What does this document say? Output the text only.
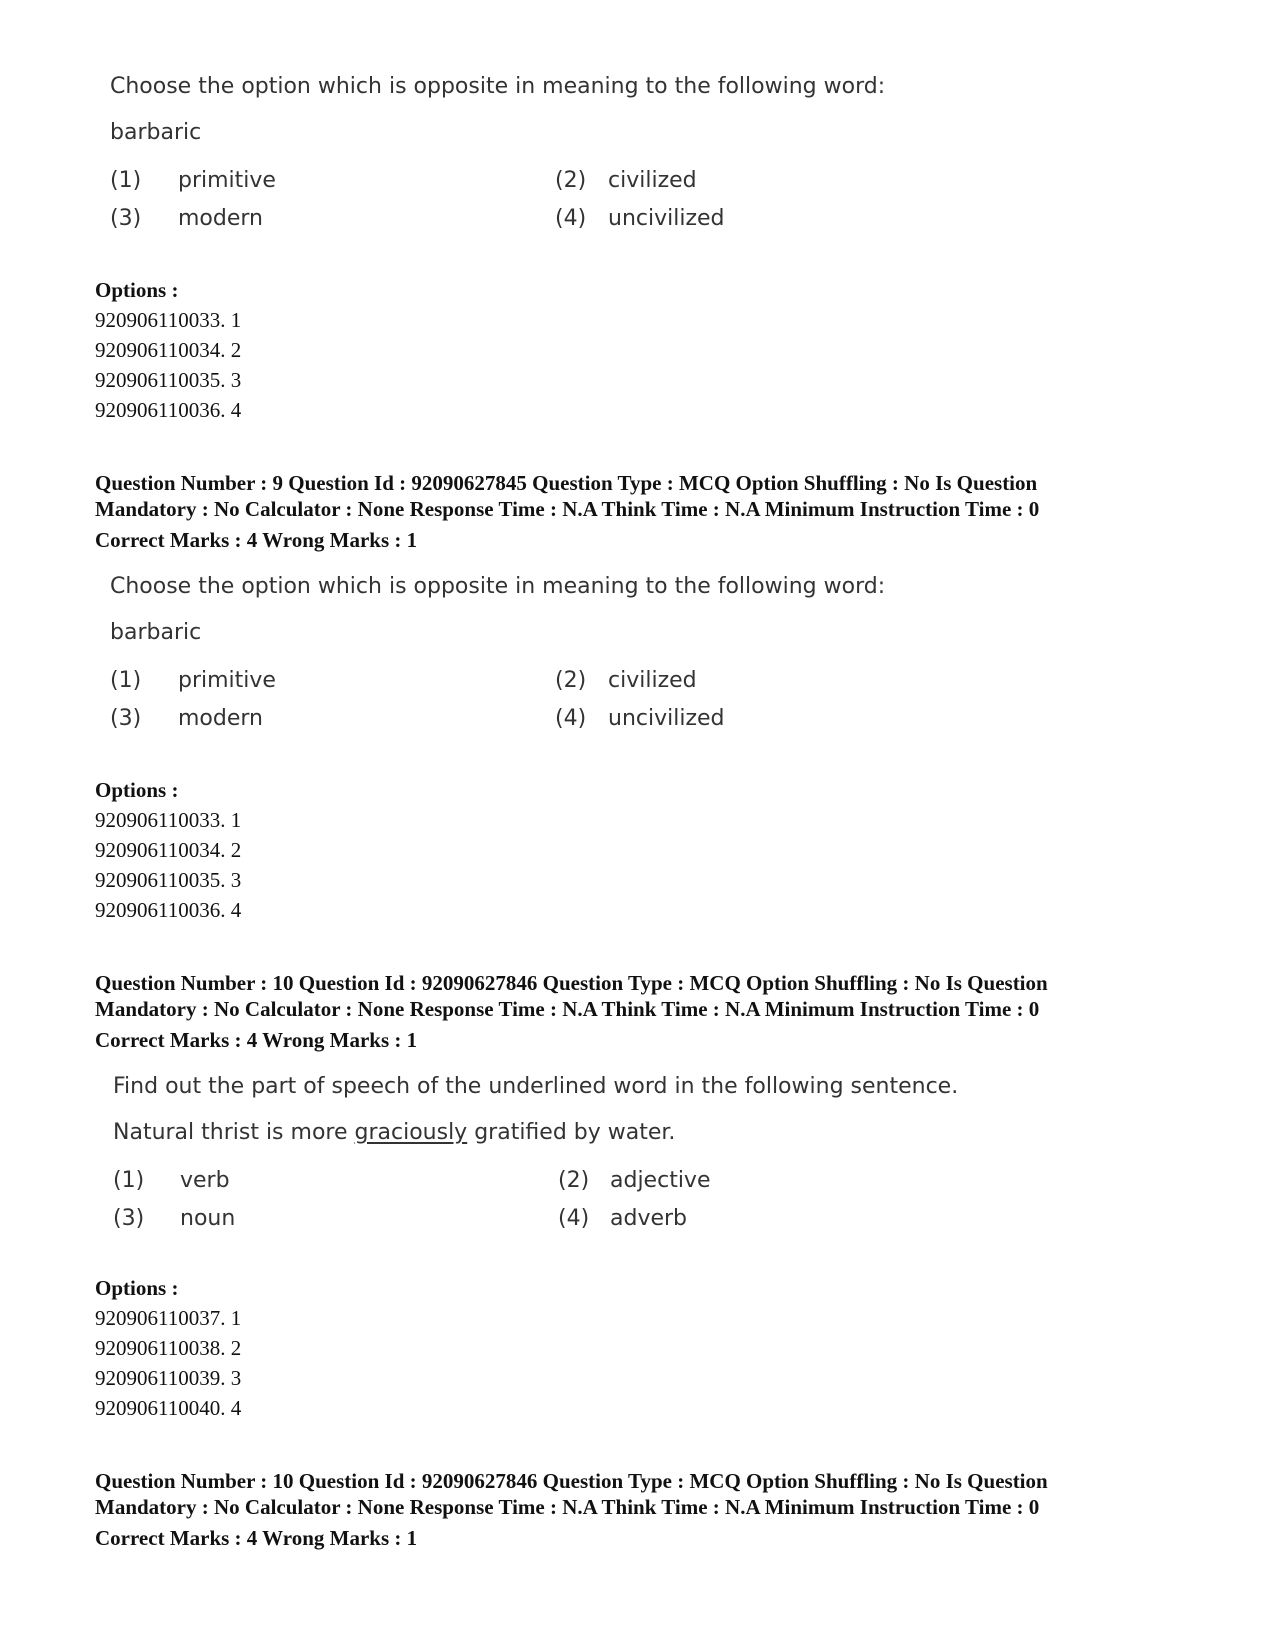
Choose the option which is opposite in meaning to the following word:
barbaric
(1) primitive	(2) civilized
(3) modern	(4) uncivilized
Options :
920906110033. 1
920906110034. 2
920906110035. 3
920906110036. 4
Question Number : 9 Question Id : 92090627845 Question Type : MCQ Option Shuffling : No Is Question
Mandatory : No Calculator : None Response Time : N.A Think Time : N.A Minimum Instruction Time : 0
Correct Marks : 4 Wrong Marks : 1
Choose the option which is opposite in meaning to the following word:
barbaric
(1) primitive	(2) civilized
(3) modern	(4) uncivilized
Options :
920906110033. 1
920906110034. 2
920906110035. 3
920906110036. 4
Question Number : 10 Question Id : 92090627846 Question Type : MCQ Option Shuffling : No Is Question
Mandatory : No Calculator : None Response Time : N.A Think Time : N.A Minimum Instruction Time : 0
Correct Marks : 4 Wrong Marks : 1
Find out the part of speech of the underlined word in the following sentence.
Natural thrist is more graciously gratified by water.
(1) verb	(2) adjective
(3) noun	(4) adverb
Options :
920906110037. 1
920906110038. 2
920906110039. 3
920906110040. 4
Question Number : 10 Question Id : 92090627846 Question Type : MCQ Option Shuffling : No Is Question
Mandatory : No Calculator : None Response Time : N.A Think Time : N.A Minimum Instruction Time : 0
Correct Marks : 4 Wrong Marks : 1
